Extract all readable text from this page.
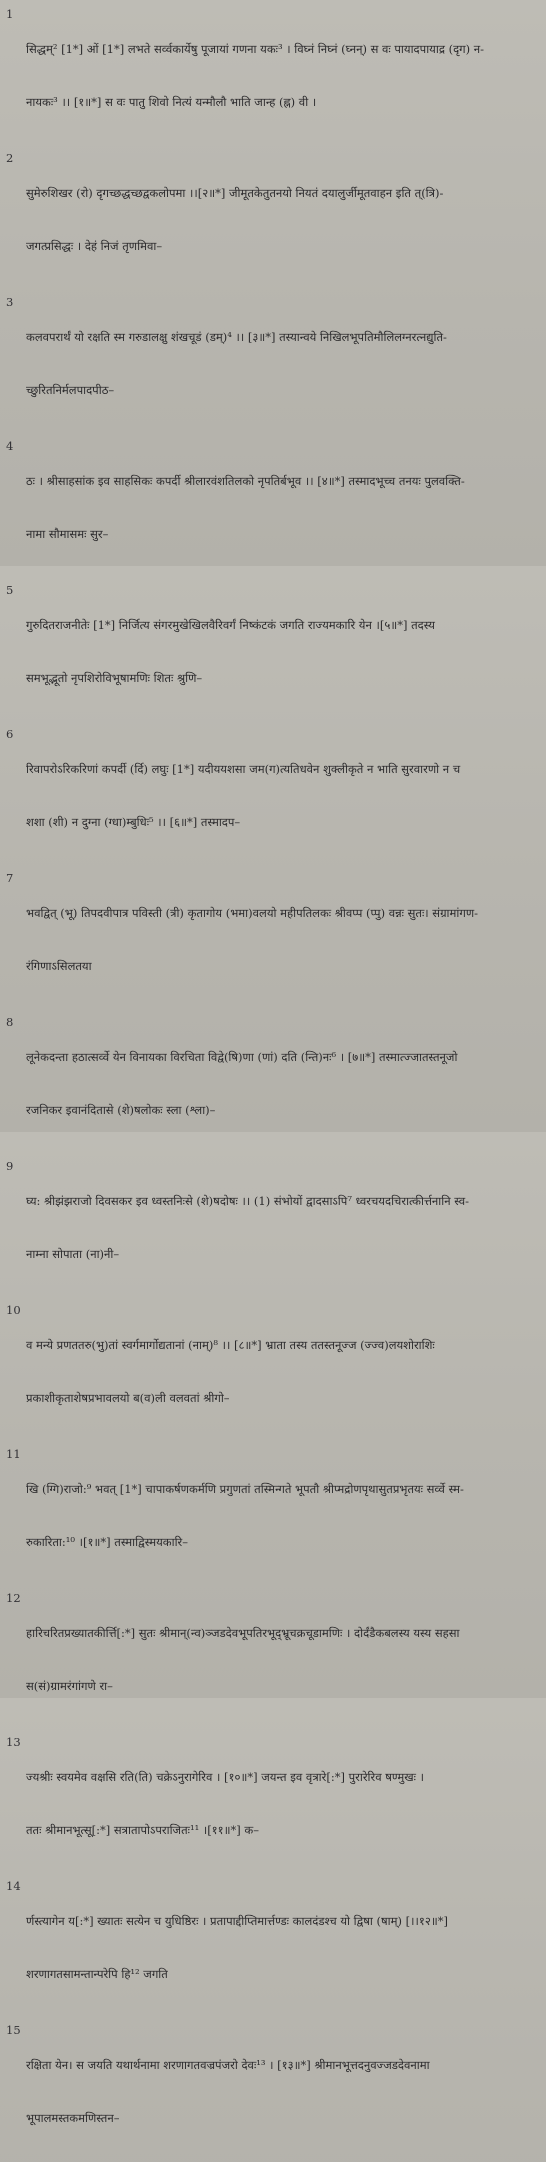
1

सिद्धम्² [1*] ओं [1*] लभते सर्व्वकार्येषु पूजायां गणना यकः³ । विघ्नं निघ्नं (घ्नन्) स वः पायादपायाद्र (दृग) न-

नायकः³ ।। [१॥*] स वः पातु शिवो नित्यं यन्मौलौ भाति जान्ह (ह्न) वी ।

2

सुमेरुशिखर (रो) दृगच्छद्धच्छद्वकलोपमा ।।[२॥*] जीमूतकेतुतनयो नियतं दयालुर्जीमूतवाहन इति त्(त्रि)-

जगत्प्रसिद्धः । देहं निजं तृणमिवा–

3

कलवपरार्थं यो रक्षति स्म गरुडालक्षु शंखचूडं (डम्)⁴ ।। [३॥*] तस्यान्वये निखिलभूपतिमौलिलग्नरत्नद्युति-

च्छुरितनिर्मलपादपीठ–

4

ठः । श्रीसाहसांक इव साहसिकः कपर्दी श्रीलारवंशतिलको नृपतिर्बभूव ।। [४॥*] तस्मादभूच्च तनयः पुलवक्ति-

नामा सौमासमः सुर–

5

गुरुदितराजनीतेः [1*] निर्जित्य संगरमुखेखिलवैरिवर्गं निष्कंटकं जगति राज्यमकारि येन ।[५॥*] तदस्य

समभूद्भूतो नृपशिरोविभूषामणिः शितः श्रुणि–

6

रिवापरोऽरिकरिणां कपर्दी (र्दि) लघुः [1*] यदीययशसा जम(ग)त्यतिधवेन शुक्लीकृते न भाति सुरवारणो न च

शशा (शी) न दुग्ना (ग्धा)म्बुधिः⁵ ।। [६॥*] तस्मादप–

7

भवद्वित् (भू) तिपदवीपात्र पविस्ती (त्री) कृतागोय (भमा)वलयो महीपतिलकः श्रीवप्प (प्पु) वन्नः सुतः। संग्रामांगण-

रंगिणाऽसिलतया

8

लूनेकदन्ता हठात्सर्व्वे येन विनायका विरचिता विद्वे(षि)णा (णां) दति (न्ति)नः⁶ । [७॥*] तस्मात्ज्जातस्तनूजो

रजनिकर इवानंदितासे (शे)षलोकः स्ला (श्ला)–

9

घ्य: श्रीझंझराजो दिवसकर इव ध्वस्तनिःसे (शे)षदोषः ।। (1) संभोयों द्वादसाऽपि⁷ ध्वरचयदचिरात्कीर्त्तनानि स्व-

नाम्ना सोपाता (ना)नी–

10

व मन्ये प्रणततरु(भु)तां स्वर्गमार्गोद्यतानां (नाम्)⁸ ।। [८॥*] भ्राता तस्य ततस्तनूज्ज (ज्ज्व)लयशोराशिः

प्रकाशीकृताशेषप्रभावलयो ब(व)ली वलवतां श्रीगो–

11

खि (ग्गि)राजो:⁹ भवत् [1*] चापाकर्षणकर्मणि प्रगुणतां तस्मिन्गते भूपतौ श्रीप्मद्रोणपृथासुतप्रभृतयः सर्व्वे स्म-

रुकारिता:¹⁰ ।[१॥*] तस्माद्विस्मयकारि–

12

हारिचरितप्रख्यातकीर्त्ति[:*] सुतः श्रीमान्(न्व)ञ्जडदेवभूपतिरभूद्भ्रूचक्रचूडामणिः । दोर्दंडैकबलस्य यस्य सहसा

स(सं)ग्रामरंगांगणे रा–

13

ज्यश्रीः स्वयमेव वक्षसि रति(ति) चक्रेऽनुरागेरिव । [१०॥*] जयन्त इव वृत्रारे[:*] पुरारेरिव षण्मुखः ।

ततः श्रीमानभूत्सू[:*] सत्रातापोऽपराजितः¹¹ ।[११॥*] क–

14

र्णस्त्यागेन य[:*] ख्यातः सत्येन च युधिष्ठिरः । प्रतापाद्दीप्तिमार्त्तण्डः कालदंडश्च यो द्विषा (षाम्) [।।१२॥*]

शरणागतसामन्तान्परेपि हि¹² जगति

15

रक्षिता येन। स जयति यथार्थनामा शरणागतवज्रपंजरो देवः¹³ । [१३॥*] श्रीमानभूत्तदनुवज्जडदेवनामा

भूपालमस्तकमणिस्तन–
